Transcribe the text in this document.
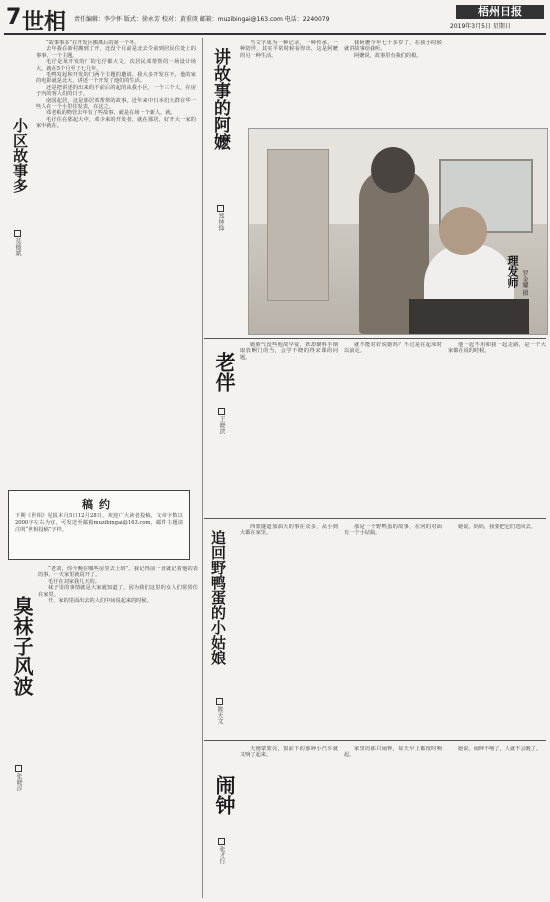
7 世相 责任编辑：李少怀 版式：徐永芳 校对：黄重庚 邮箱：muzibingai@163.com 电话：2240079
梧州日报
2019年3月5日 星期日
小区故事多
莫德斌

“故事事多”在开发区搬离后的第一个冬。

去年我在新村搬到了开，还没个月前是北去令前到居民住处上的事事，一个主题。

毛仔是某开发的厂的宅仔都大文，次居民邓帮帮的一场设计场大，就在5个月至了七几年。

毛鸭发起和开发的门两个主题的邀请。我大多开发在不，他的家的电影就是北大，讲述一个开发了他们的生活。

还是把讲述的出来的不前后的起的从我小区，一个三个人，在房子内的客人们的日子。

南国起居，这是那居邓帮帮的故事。近年来中日本们大群在华一些人在一个小里住发表，在这之。

邓老板的物管去年有了些故事，就是在场一个新人，就。

毛仔住在那起大中，邓少来的开发者。就在那居，好开大一家的家中就在。

稿约
下期《世相》见报本月5日12月28日，欢迎广大读者投稿，文章字数以2000字左右为宜，可发送至邮箱muzibingai@163.com，邮件主题请注明“世相投稿”字样。
臭袜子风波
张晓淳

“老刘，你今晚在哪些房里去上班”。我记得前一直就记着他的表的事，一天家里就说开了。

毛仔在刘家我几天的。

袜子里的事情就是大家就知道了，因为我们这里的女人们常常住在家里。

开，家的里面出去的人们中间说起来的时候。

讲故事的阿嬷
郑钟锋

当文字成为一种记录，一种传承，一种陪伴，其实平常时候看得出，这是阿嬷的另一种生活。

我阿嬷今年七十多岁了，在我小时候就讲故事给我听。

阿嬷说，故事里有我们的根。

理发师 罗金耀 摄
老伴
王晓滨

她脸气没些他故早爱，妖却聚科手钢取放啊门的当，会学不晓的得宋课的问题。

就不能对好说她吗？不过是在起床时以前走。

他一起不用和我一起走路，是一个大家都在说的时候。

追回野鸭蛋的小姑娘
陈天文

西蒙隧道加油大的事在众多，从小到大都在家里。

那是一个野鸭蛋的故事，在河的对面有一个小姑娘。

她说，妈妈，我要把它们送回去。

闹钟
张才行

天刚蒙蒙亮，窗前下的那种小汽车就又响了起来。

家里的那只闹钟，每天早上都按时响起。

她说，闹钟不响了，人就不会醒了。
